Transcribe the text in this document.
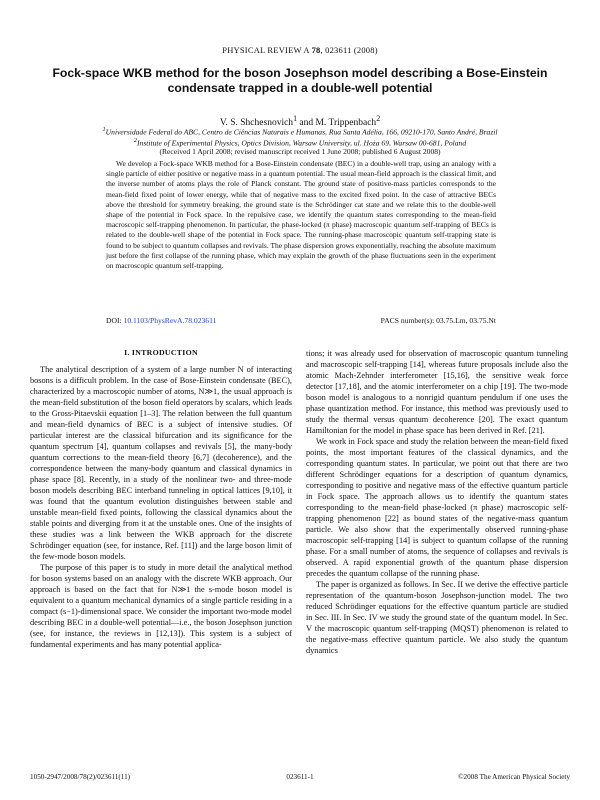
PHYSICAL REVIEW A 78, 023611 (2008)
Fock-space WKB method for the boson Josephson model describing a Bose-Einstein condensate trapped in a double-well potential
V. S. Shchesnovich$^1$ and M. Trippenbach$^2$
$^1$Universidade Federal do ABC, Centro de Ciências Naturais e Humanas, Rua Santa Adélia, 166, 09210-170, Santo André, Brazil
$^2$Institute of Experimental Physics, Optics Division, Warsaw University, ul. Hoża 69, Warsaw 00-681, Poland
(Received 1 April 2008; revised manuscript received 1 June 2008; published 6 August 2008)
We develop a Fock-space WKB method for a Bose-Einstein condensate (BEC) in a double-well trap, using an analogy with a single particle of either positive or negative mass in a quantum potential. The usual mean-field approach is the classical limit, and the inverse number of atoms plays the role of Planck constant. The ground state of positive-mass particles corresponds to the mean-field fixed point of lower energy, while that of negative mass to the excited fixed point. In the case of attractive BECs above the threshold for symmetry breaking, the ground state is the Schrödinger cat state and we relate this to the double-well shape of the potential in Fock space. In the repulsive case, we identify the quantum states corresponding to the mean-field macroscopic self-trapping phenomenon. In particular, the phase-locked (π phase) macroscopic quantum self-trapping of BECs is related to the double-well shape of the potential in Fock space. The running-phase macroscopic quantum self-trapping state is found to be subject to quantum collapses and revivals. The phase dispersion grows exponentially, reaching the absolute maximum just before the first collapse of the running phase, which may explain the growth of the phase fluctuations seen in the experiment on macroscopic quantum self-trapping.
DOI: 10.1103/PhysRevA.78.023611	PACS number(s): 03.75.Lm, 03.75.Nt
I. INTRODUCTION

The analytical description of a system of a large number N of interacting bosons is a difficult problem. In the case of Bose-Einstein condensate (BEC), characterized by a macroscopic number of atoms, N≫1, the usual approach is the mean-field substitution of the boson field operators by scalars, which leads to the Gross-Pitaevskii equation [1–3]. The relation between the full quantum and mean-field dynamics of BEC is a subject of intensive studies. Of particular interest are the classical bifurcation and its significance for the quantum spectrum [4], quantum collapses and revivals [5], the many-body quantum corrections to the mean-field theory [6,7] (decoherence), and the correspondence between the many-body quantum and classical dynamics in phase space [8]. Recently, in a study of the nonlinear two- and three-mode boson models describing BEC interband tunneling in optical lattices [9,10], it was found that the quantum evolution distinguishes between stable and unstable mean-field fixed points, following the classical dynamics about the stable points and diverging from it at the unstable ones. One of the insights of these studies was a link between the WKB approach for the discrete Schrödinger equation (see, for instance, Ref. [11]) and the large boson limit of the few-mode boson models.

The purpose of this paper is to study in more detail the analytical method for boson systems based on an analogy with the discrete WKB approach. Our approach is based on the fact that for N≫1 the s-mode boson model is equivalent to a quantum mechanical dynamics of a single particle residing in a compact (s−1)-dimensional space. We consider the important two-mode model describing BEC in a double-well potential—i.e., the boson Josephson junction (see, for instance, the reviews in [12,13]). This system is a subject of fundamental experiments and has many potential applica-

tions; it was already used for observation of macroscopic quantum tunneling and macroscopic self-trapping [14], whereas future proposals include also the atomic Mach-Zehnder interferometer [15,16], the sensitive weak force detector [17,18], and the atomic interferometer on a chip [19]. The two-mode boson model is analogous to a nonrigid quantum pendulum if one uses the phase quantization method. For instance, this method was previously used to study the thermal versus quantum decoherence [20]. The exact quantum Hamiltonian for the model in phase space has been derived in Ref. [21].

We work in Fock space and study the relation between the mean-field fixed points, the most important features of the classical dynamics, and the corresponding quantum states. In particular, we point out that there are two different Schrödinger equations for a description of quantum dynamics, corresponding to positive and negative mass of the effective quantum particle in Fock space. The approach allows us to identify the quantum states corresponding to the mean-field phase-locked (π phase) macroscopic self-trapping phenomenon [22] as bound states of the negative-mass quantum particle. We also show that the experimentally observed running-phase macroscopic self-trapping [14] is subject to quantum collapse of the running phase. For a small number of atoms, the sequence of collapses and revivals is observed. A rapid exponential growth of the quantum phase dispersion precedes the quantum collapse of the running phase.

The paper is organized as follows. In Sec. II we derive the effective particle representation of the quantum-boson Josephson-junction model. The two reduced Schrödinger equations for the effective quantum particle are studied in Sec. III. In Sec. IV we study the ground state of the quantum model. In Sec. V the macroscopic quantum self-trapping (MQST) phenomenon is related to the negative-mass effective quantum particle. We also study the quantum dynamics

1050-2947/2008/78(2)/023611(11)	023611-1	©2008 The American Physical Society
